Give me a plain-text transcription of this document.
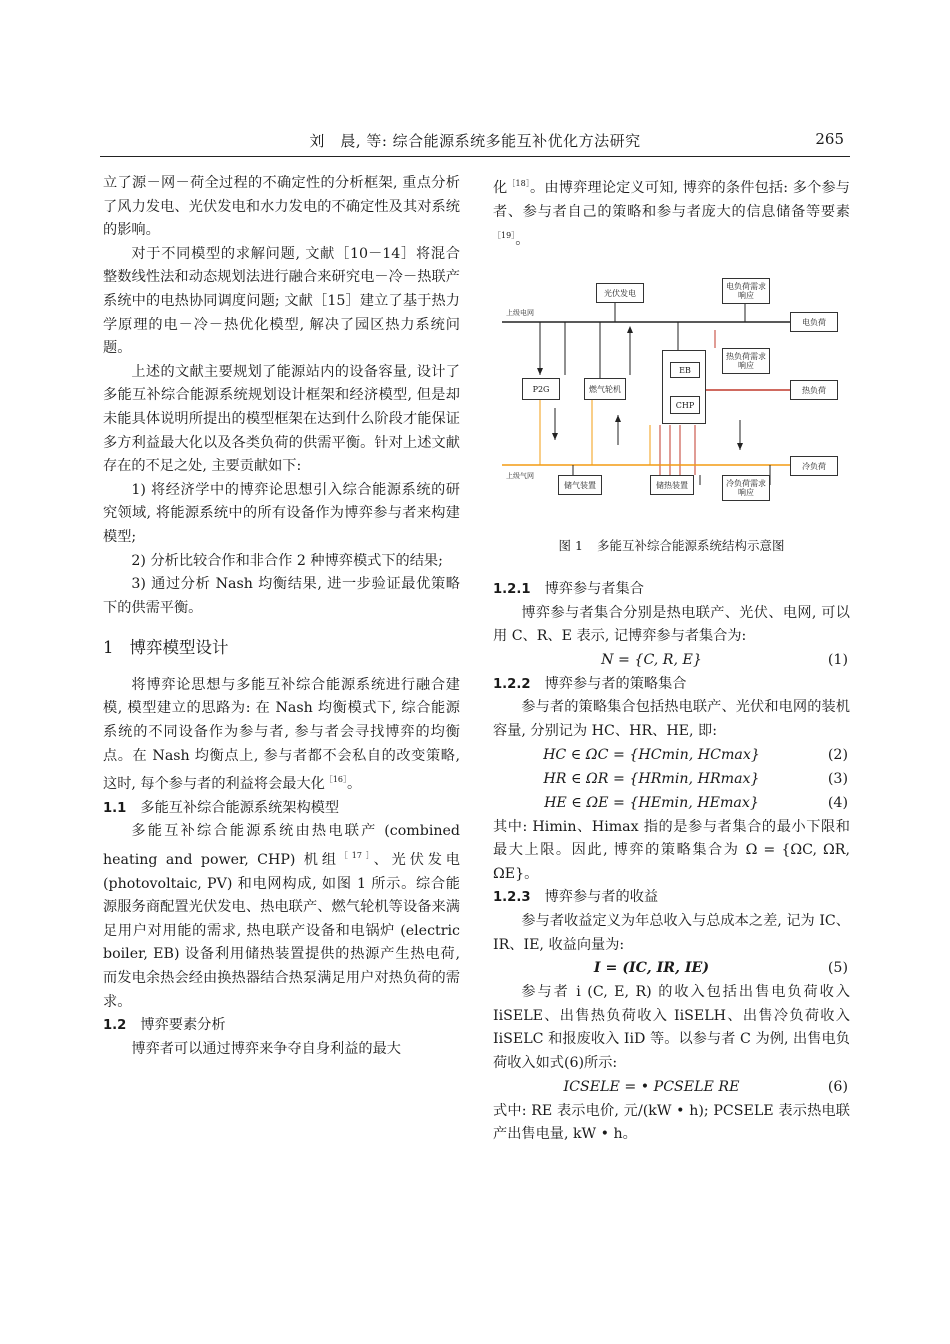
刘　晨, 等: 综合能源系统多能互补优化方法研究	265

立了源－网－荷全过程的不确定性的分析框架, 重点分析了风力发电、光伏发电和水力发电的不确定性及其对系统的影响。

对于不同模型的求解问题, 文献［10－14］将混合整数线性法和动态规划法进行融合来研究电－冷－热联产系统中的电热协同调度问题; 文献［15］建立了基于热力学原理的电－冷－热优化模型, 解决了园区热力系统问题。

上述的文献主要规划了能源站内的设备容量, 设计了多能互补综合能源系统规划设计框架和经济模型, 但是却未能具体说明所提出的模型框架在达到什么阶段才能保证多方利益最大化以及各类负荷的供需平衡。针对上述文献存在的不足之处, 主要贡献如下:

1) 将经济学中的博弈论思想引入综合能源系统的研究领域, 将能源系统中的所有设备作为博弈参与者来构建模型;

2) 分析比较合作和非合作 2 种博弈模式下的结果;

3) 通过分析 Nash 均衡结果, 进一步验证最优策略下的供需平衡。

1 博弈模型设计

将博弈论思想与多能互补综合能源系统进行融合建模, 模型建立的思路为: 在 Nash 均衡模式下, 综合能源系统的不同设备作为参与者, 参与者会寻找博弈的均衡点。在 Nash 均衡点上, 参与者都不会私自的改变策略, 这时, 每个参与者的利益将会最大化$^{[16]}$。

1.1 多能互补综合能源系统架构模型

多能互补综合能源系统由热电联产 (combined heating and power, CHP) 机组$^{[17]}$、光伏发电 (photovoltaic, PV) 和电网构成, 如图 1 所示。综合能源服务商配置光伏发电、热电联产、燃气轮机等设备来满足用户对用能的需求, 热电联产设备和电锅炉 (electric boiler, EB) 设备利用储热装置提供的热源产生热电荷, 而发电余热会经由换热器结合热泵满足用户对热负荷的需求。

1.2 博弈要素分析

博弈者可以通过博弈来争夺自身利益的最大

化$^{[18]}$。由博弈理论定义可知, 博弈的条件包括: 多个参与者、参与者自己的策略和参与者庞大的信息储备等要素$^{[19]}$。

上级电网
上级气网
光伏发电
电负荷需求响应
电负荷
热负荷需求响应
热负荷
冷负荷
P2G	燃气轮机
EB
CHP
储气装置	储热装置	冷负荷需求响应
图 1 多能互补综合能源系统结构示意图
1.2.1 博弈参与者集合

博弈参与者集合分别是热电联产、光伏、电网, 可以用 C、R、E 表示, 记博弈参与者集合为:

N = {C, R, E}	(1)
1.2.2 博弈参与者的策略集合

参与者的策略集合包括热电联产、光伏和电网的装机容量, 分别记为 HC、HR、HE, 即:

HC ∈ ΩC = {HCmin, HCmax}	(2)
HR ∈ ΩR = {HRmin, HRmax}	(3)
HE ∈ ΩE = {HEmin, HEmax}	(4)

其中: Himin、Himax 指的是参与者集合的最小下限和最大上限。因此, 博弈的策略集合为 Ω = {ΩC, ΩR, ΩE}。

1.2.3 博弈参与者的收益

参与者收益定义为年总收入与总成本之差, 记为 IC、IR、IE, 收益向量为:

I = (IC, IR, IE)	(5)

参与者 i (C, E, R) 的收入包括出售电负荷收入 IiSELE、出售热负荷收入 IiSELH、出售冷负荷收入 IiSELC 和报废收入 IiD 等。以参与者 C 为例, 出售电负荷收入如式(6)所示:

ICSELE = • PCSELE RE	(6)

式中: RE 表示电价, 元/(kW • h); PCSELE 表示热电联产出售电量, kW • h。
